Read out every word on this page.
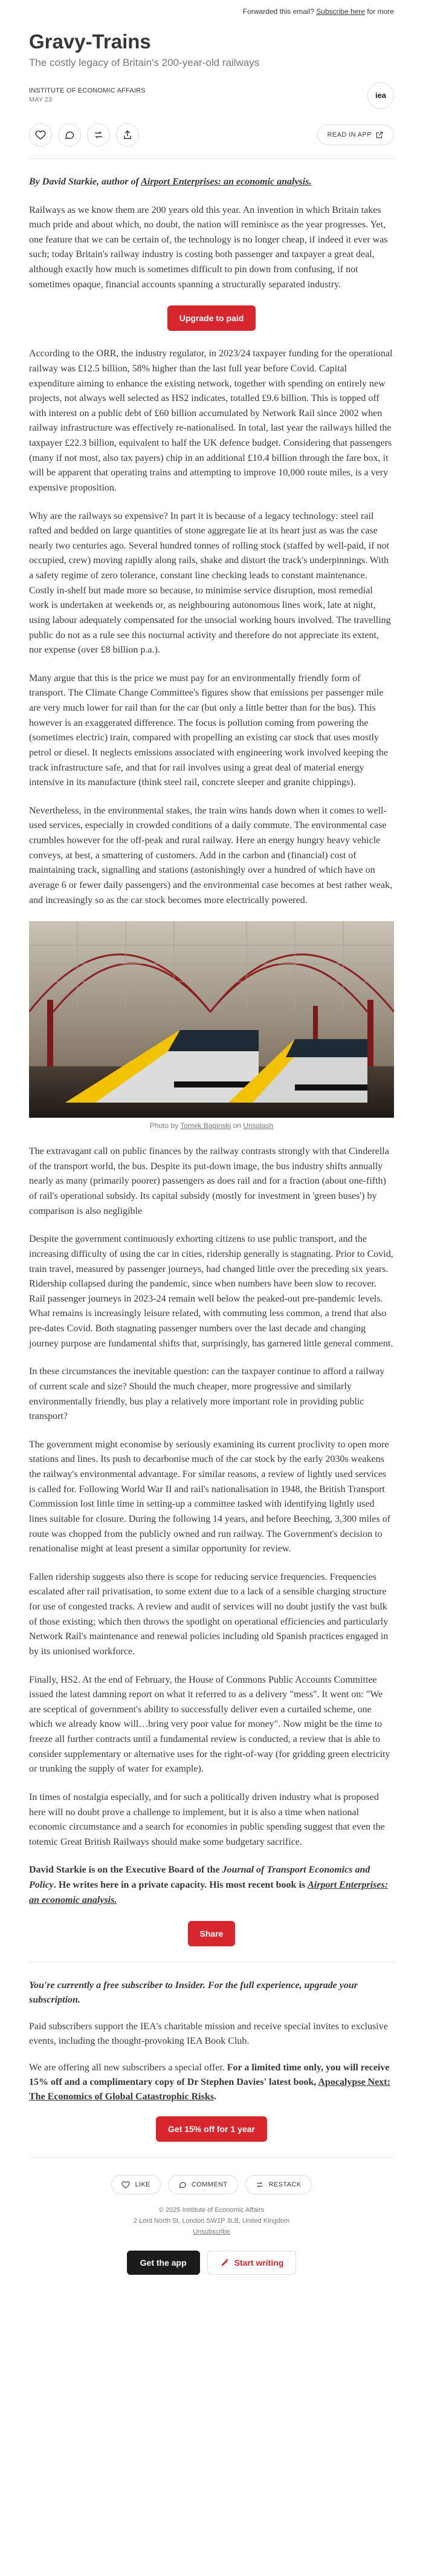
Forwarded this email? Subscribe here for more
Gravy-Trains
The costly legacy of Britain's 200-year-old railways
INSTITUTE OF ECONOMIC AFFAIRS
MAY 23	iea
READ IN APP

By David Starkie, author of Airport Enterprises: an economic analysis.

Railways as we know them are 200 years old this year. An invention in which Britain takes much pride and about which, no doubt, the nation will reminisce as the year progresses. Yet, one feature that we can be certain of, the technology is no longer cheap, if indeed it ever was such; today Britain's railway industry is costing both passenger and taxpayer a great deal, although exactly how much is sometimes difficult to pin down from confusing, if not sometimes opaque, financial accounts spanning a structurally separated industry.

Upgrade to paid

According to the ORR, the industry regulator, in 2023/24 taxpayer funding for the operational railway was £12.5 billion, 58% higher than the last full year before Covid. Capital expenditure aiming to enhance the existing network, together with spending on entirely new projects, not always well selected as HS2 indicates, totalled £9.6 billion. This is topped off with interest on a public debt of £60 billion accumulated by Network Rail since 2002 when railway infrastructure was effectively re-nationalised. In total, last year the railways hilled the taxpayer £22.3 billion, equivalent to half the UK defence budget. Considering that passengers (many if not most, also tax payers) chip in an additional £10.4 billion through the fare box, it will be apparent that operating trains and attempting to improve 10,000 route miles, is a very expensive proposition.

Why are the railways so expensive? In part it is because of a legacy technology: steel rail rafted and bedded on large quantities of stone aggregate lie at its heart just as was the case nearly two centuries ago. Several hundred tonnes of rolling stock (staffed by well-paid, if not occupied, crew) moving rapidly along rails, shake and distort the track's underpinnings. With a safety regime of zero tolerance, constant line checking leads to constant maintenance. Costly in-shelf but made more so because, to minimise service disruption, most remedial work is undertaken at weekends or, as neighbouring autonomous lines work, late at night, using labour adequately compensated for the unsocial working hours involved. The travelling public do not as a rule see this nocturnal activity and therefore do not appreciate its extent, nor expense (over £8 billion p.a.).

Many argue that this is the price we must pay for an environmentally friendly form of transport. The Climate Change Committee's figures show that emissions per passenger mile are very much lower for rail than for the car (but only a little better than for the bus). This however is an exaggerated difference. The focus is pollution coming from powering the (sometimes electric) train, compared with propelling an existing car stock that uses mostly petrol or diesel. It neglects emissions associated with engineering work involved keeping the track infrastructure safe, and that for rail involves using a great deal of material energy intensive in its manufacture (think steel rail, concrete sleeper and granite chippings).

Nevertheless, in the environmental stakes, the train wins hands down when it comes to well-used services, especially in crowded conditions of a daily commute. The environmental case crumbles however for the off-peak and rural railway. Here an energy hungry heavy vehicle conveys, at best, a smattering of customers. Add in the carbon and (financial) cost of maintaining track, signalling and stations (astonishingly over a hundred of which have on average 6 or fewer daily passengers) and the environmental case becomes at best rather weak, and increasingly so as the car stock becomes more electrically powered.

Photo by Tomek Baginski on Unsplash

The extravagant call on public finances by the railway contrasts strongly with that Cinderella of the transport world, the bus. Despite its put-down image, the bus industry shifts annually nearly as many (primarily poorer) passengers as does rail and for a fraction (about one-fifth) of rail's operational subsidy. Its capital subsidy (mostly for investment in 'green buses') by comparison is also negligible

Despite the government continuously exhorting citizens to use public transport, and the increasing difficulty of using the car in cities, ridership generally is stagnating. Prior to Covid, train travel, measured by passenger journeys, had changed little over the preceding six years. Ridership collapsed during the pandemic, since when numbers have been slow to recover. Rail passenger journeys in 2023-24 remain well below the peaked-out pre-pandemic levels. What remains is increasingly leisure related, with commuting less common, a trend that also pre-dates Covid. Both stagnating passenger numbers over the last decade and changing journey purpose are fundamental shifts that, surprisingly, has garnered little general comment.

In these circumstances the inevitable question: can the taxpayer continue to afford a railway of current scale and size? Should the much cheaper, more progressive and similarly environmentally friendly, bus play a relatively more important role in providing public transport?

The government might economise by seriously examining its current proclivity to open more stations and lines. Its push to decarbonise much of the car stock by the early 2030s weakens the railway's environmental advantage. For similar reasons, a review of lightly used services is called for. Following World War II and rail's nationalisation in 1948, the British Transport Commission lost little time in setting-up a committee tasked with identifying lightly used lines suitable for closure. During the following 14 years, and before Beeching, 3,300 miles of route was chopped from the publicly owned and run railway. The Government's decision to renationalise might at least present a similar opportunity for review.

Fallen ridership suggests also there is scope for reducing service frequencies. Frequencies escalated after rail privatisation, to some extent due to a lack of a sensible charging structure for use of congested tracks. A review and audit of services will no doubt justify the vast bulk of those existing; which then throws the spotlight on operational efficiencies and particularly Network Rail's maintenance and renewal policies including old Spanish practices engaged in by its unionised workforce.

Finally, HS2. At the end of February, the House of Commons Public Accounts Committee issued the latest damning report on what it referred to as a delivery "mess". It went on: "We are sceptical of government's ability to successfully deliver even a curtailed scheme, one which we already know will…bring very poor value for money". Now might be the time to freeze all further contracts until a fundamental review is conducted, a review that is able to consider supplementary or alternative uses for the right-of-way (for gridding green electricity or trunking the supply of water for example).

In times of nostalgia especially, and for such a politically driven industry what is proposed here will no doubt prove a challenge to implement, but it is also a time when national economic circumstance and a search for economies in public spending suggest that even the totemic Great British Railways should make some budgetary sacrifice.

David Starkie is on the Executive Board of the Journal of Transport Economics and Policy. He writes here in a private capacity. His most recent book is Airport Enterprises: an economic analysis.

Share

You're currently a free subscriber to Insider. For the full experience, upgrade your subscription.

Paid subscribers support the IEA's charitable mission and receive special invites to exclusive events, including the thought-provoking IEA Book Club.

We are offering all new subscribers a special offer. For a limited time only, you will receive 15% off and a complimentary copy of Dr Stephen Davies' latest book, Apocalypse Next: The Economics of Global Catastrophic Risks.

Get 15% off for 1 year
LIKE	COMMENT	RESTACK
© 2025 Institute of Economic Affairs
2 Lord North St, London SW1P 3LB, United Kingdom
Unsubscribe
Get the app	Start writing
